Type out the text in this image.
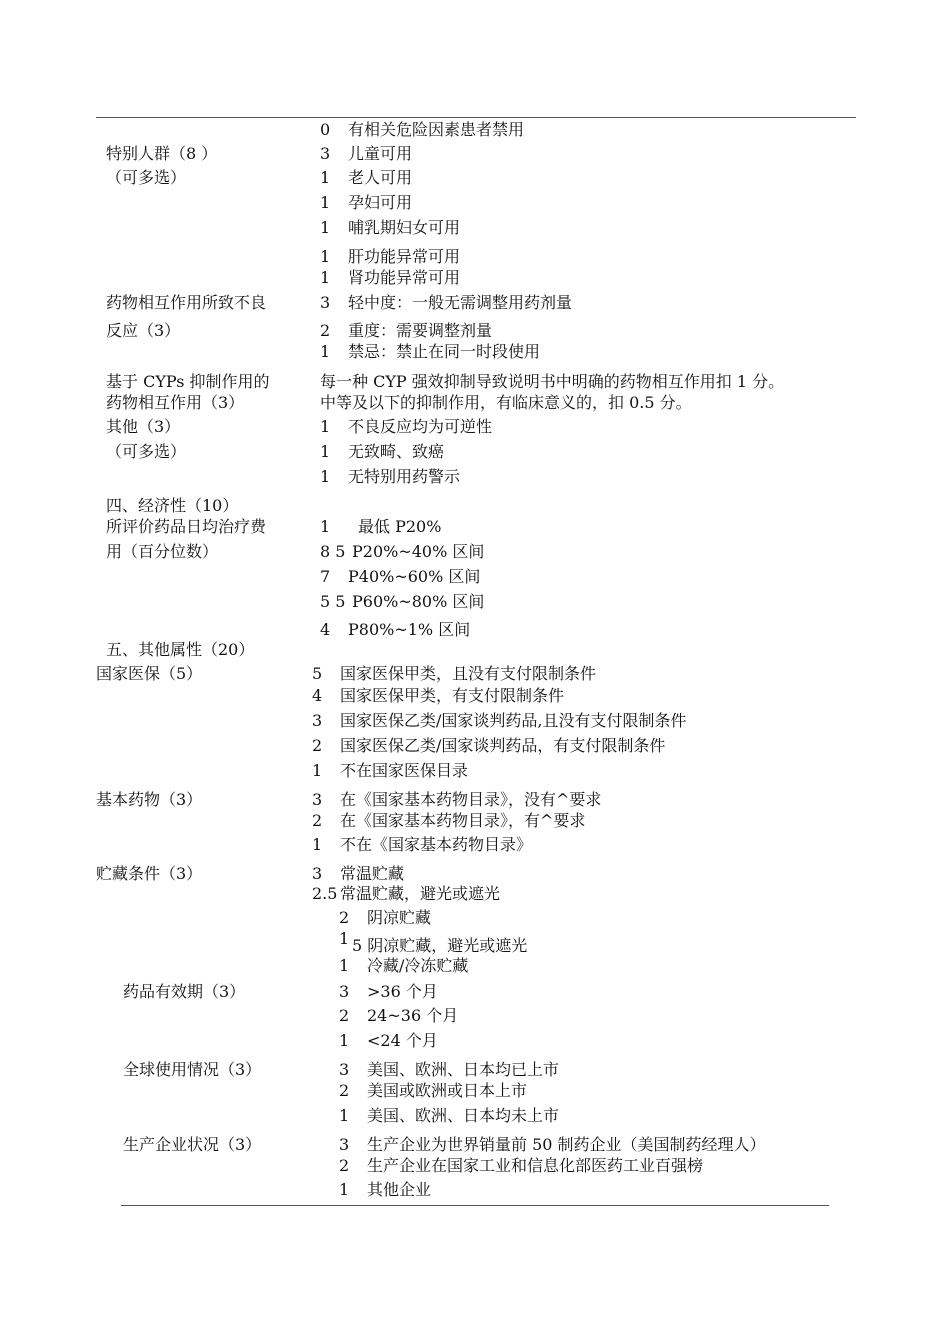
0 有相关危险因素患者禁用
特别人群（8 ）	3 儿童可用
（可多选）	1 老人可用
1 孕妇可用
1 哺乳期妇女可用
1 肝功能异常可用
1 肾功能异常可用
药物相互作用所致不良	3 轻中度：一般无需调整用药剂量
反应（3）	2 重度：需要调整剂量
1 禁忌：禁止在同一时段使用
基于 CYPs 抑制作用的	每一种 CYP 强效抑制导致说明书中明确的药物相互作用扣 1 分。
药物相互作用（3）	中等及以下的抑制作用，有临床意义的，扣 0.5 分。
其他（3）	1 不良反应均为可逆性
（可多选）	1 无致畸、致癌
1 无特别用药警示
四、经济性（10）
所评价药品日均治疗费	1 最低 P20%
用（百分位数）	8 5 P20%~40% 区间
7 P40%~60% 区间
5 5 P60%~80% 区间
4 P80%~1% 区间
五、其他属性（20）
国家医保（5）	5 国家医保甲类，且没有支付限制条件
4 国家医保甲类，有支付限制条件
3 国家医保乙类/国家谈判药品,且没有支付限制条件
2 国家医保乙类/国家谈判药品，有支付限制条件
1 不在国家医保目录
基本药物（3）	3 在《国家基本药物目录》，没有^要求
2 在《国家基本药物目录》，有^要求
1 不在《国家基本药物目录》
贮藏条件（3）	3 常温贮藏
2.5 常温贮藏，避光或遮光
2 阴凉贮藏
1 5 阴凉贮藏，避光或遮光
1 冷藏/冷冻贮藏
药品有效期（3）	3 >36 个月
2 24~36 个月
1 <24 个月
全球使用情况（3）	3 美国、欧洲、日本均已上市
2 美国或欧洲或日本上市
1 美国、欧洲、日本均未上市
生产企业状况（3）	3 生产企业为世界销量前 50 制药企业（美国制药经理人）
2 生产企业在国家工业和信息化部医药工业百强榜
1 其他企业
